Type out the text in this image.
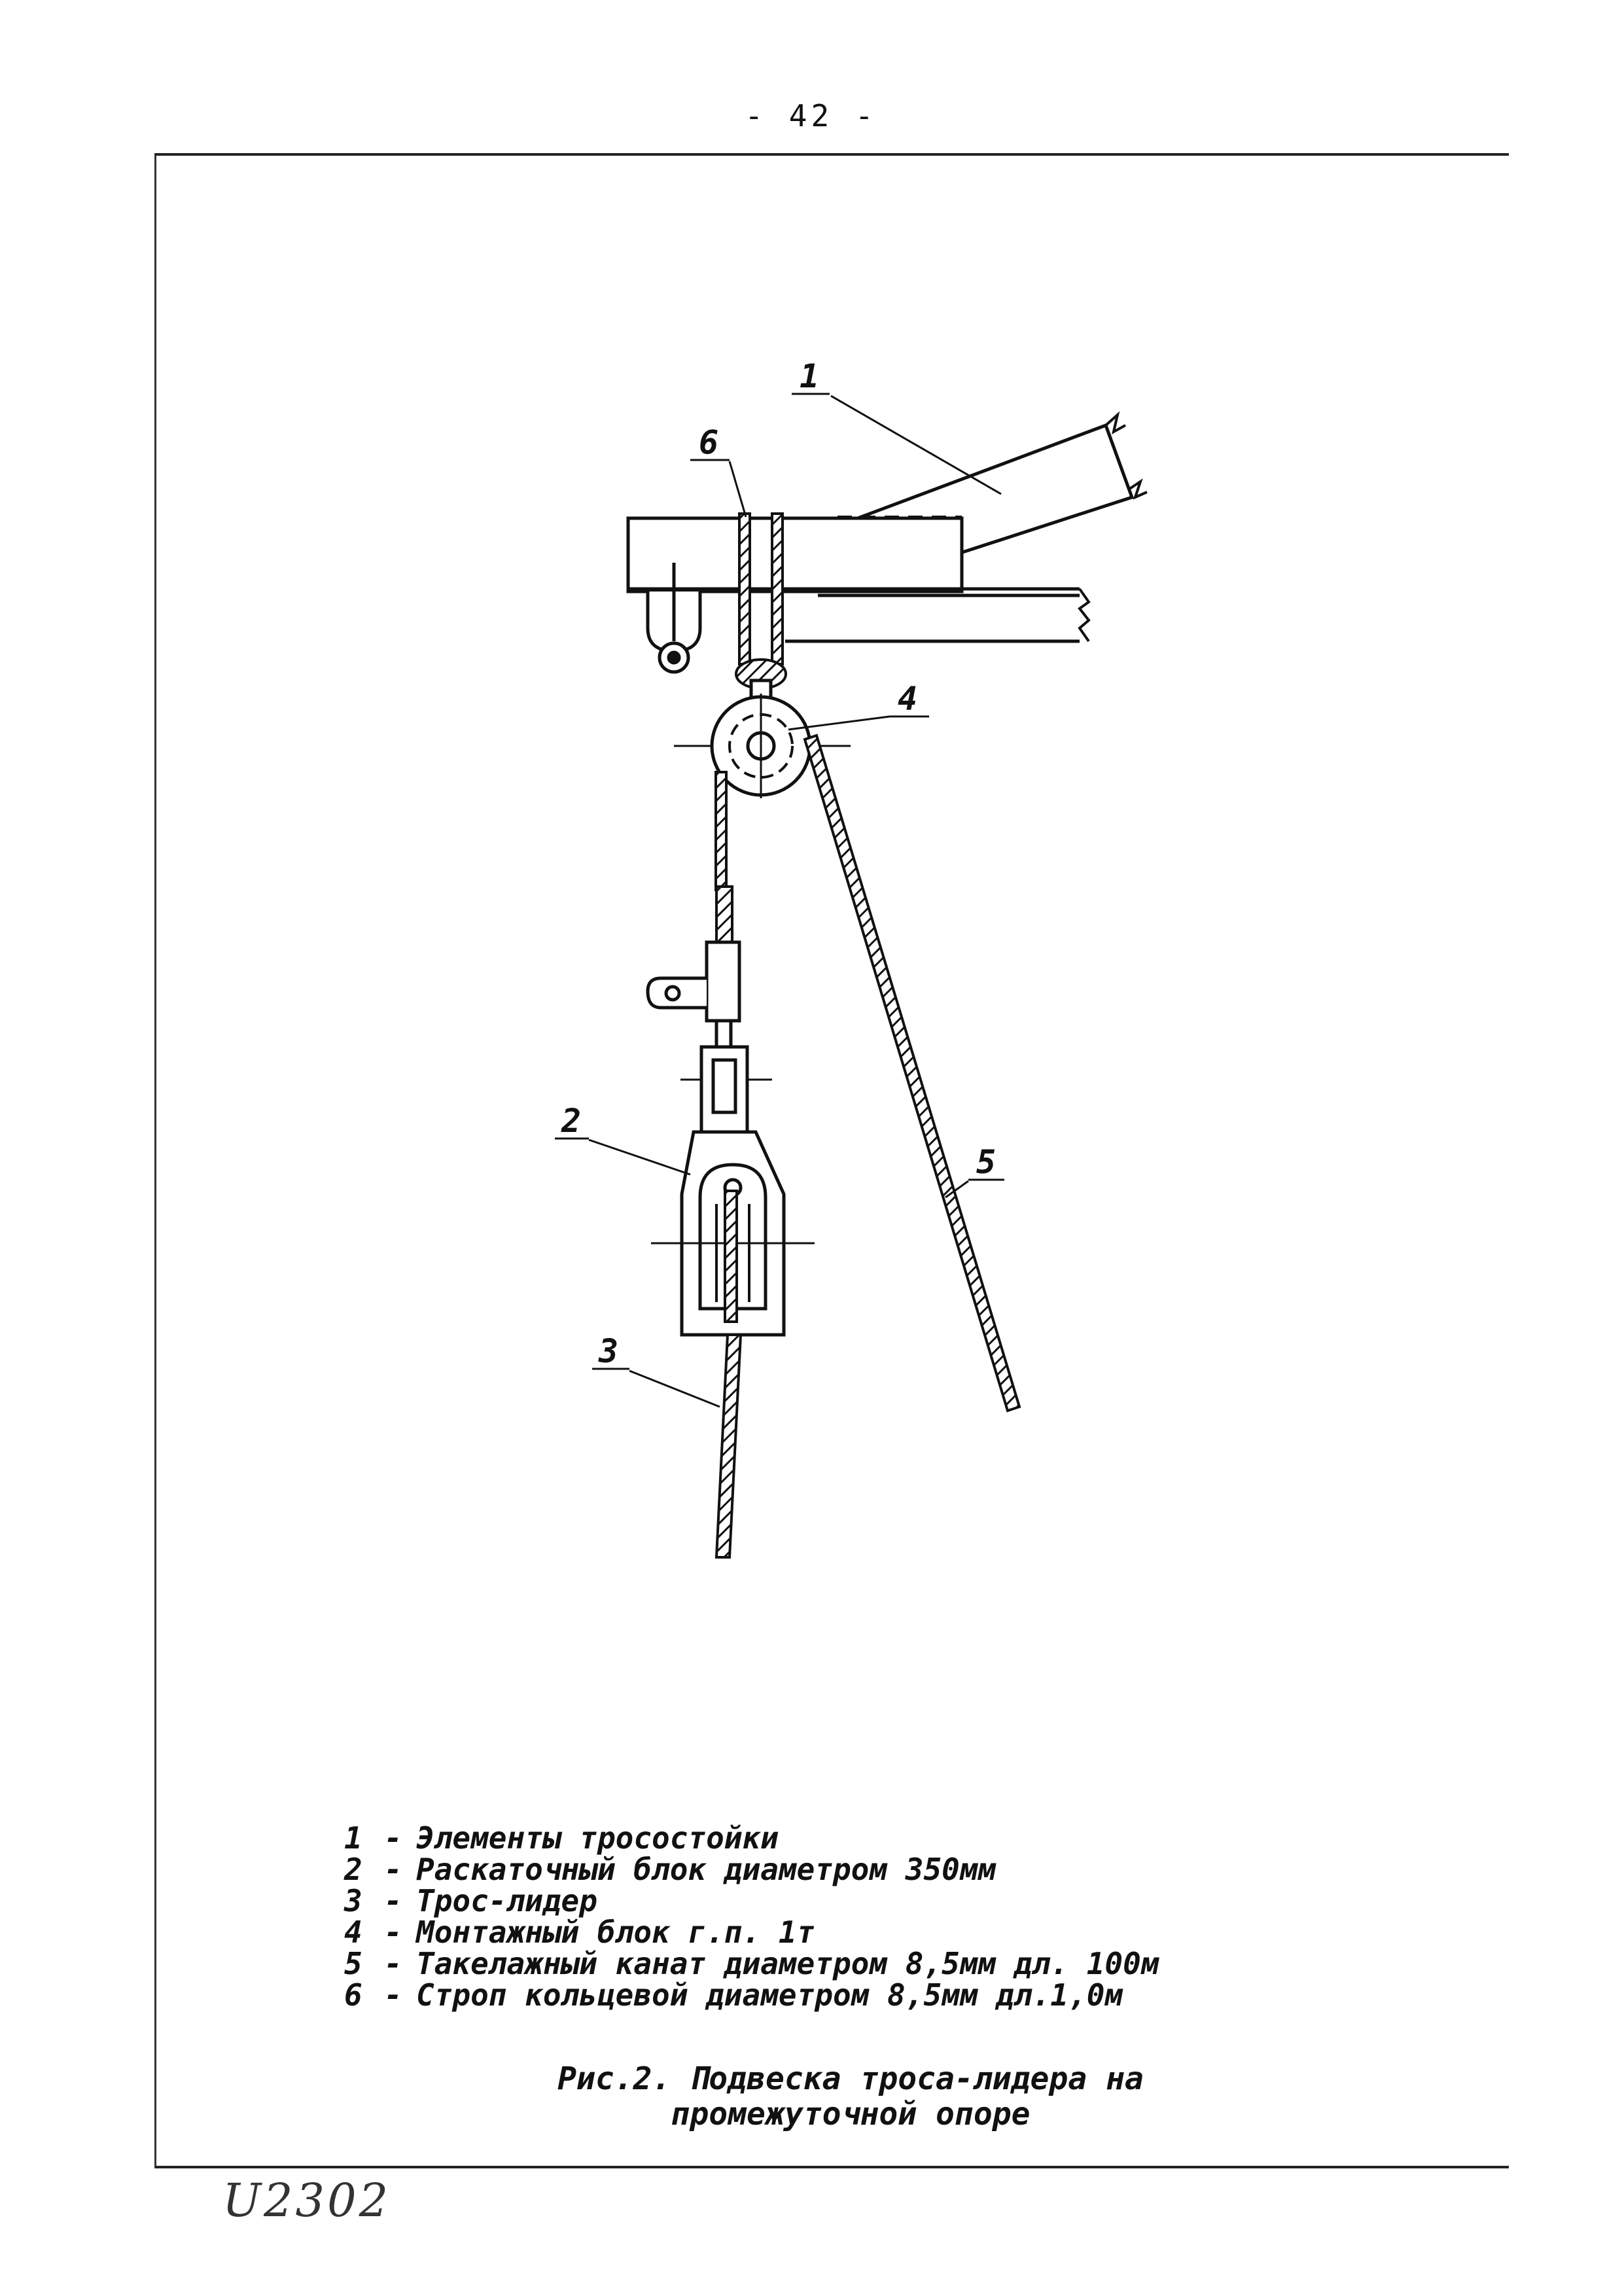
- 42 -
1
2
3
4
5
6
1 - Элементы тросостойки
2 - Раскаточный блок диаметром 350мм
3 - Трос-лидер
4 - Монтажный блок г.п. 1т
5 - Такелажный канат диаметром 8,5мм дл. 100м
6 - Строп кольцевой диаметром 8,5мм дл.1,0м
Рис.2. Подвеска троса-лидера на
промежуточной опоре
U2302
